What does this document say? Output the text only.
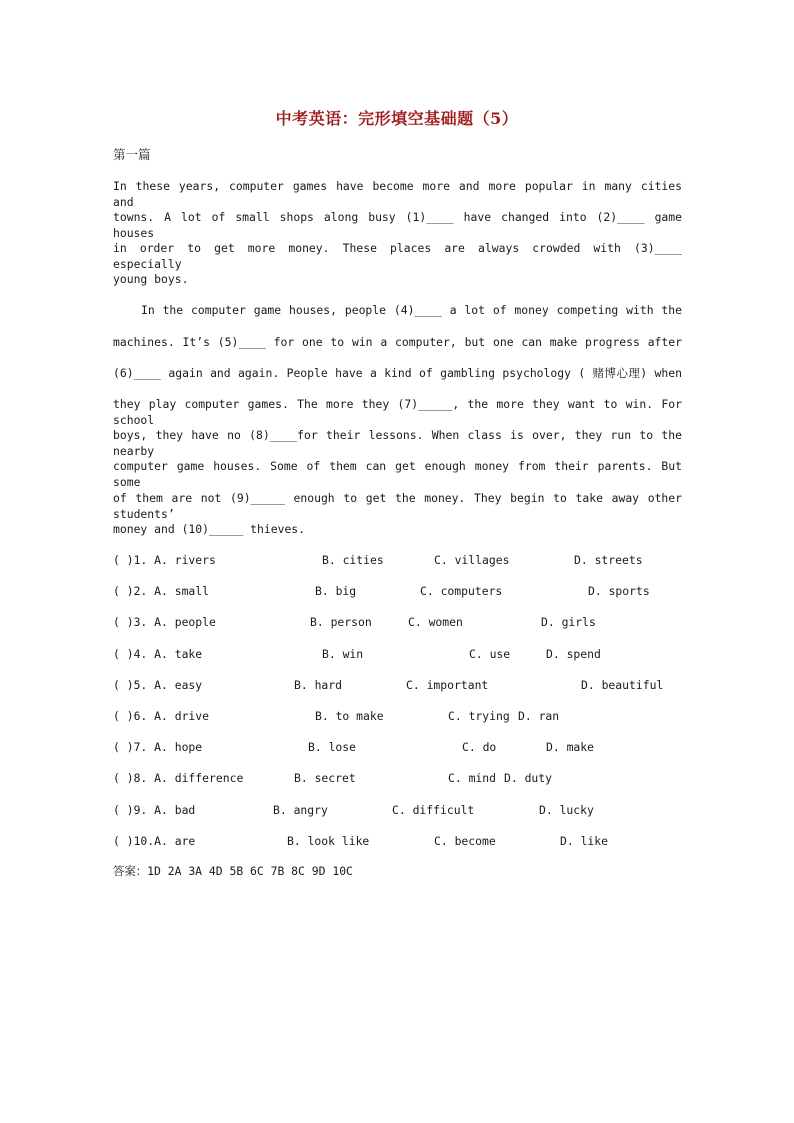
中考英语：完形填空基础题（5）
第一篇
In these years, computer games have become more and more popular in many cities and
towns. A lot of small shops along busy (1)____ have changed into (2)____ game houses
in order to get more money. These places are always crowded with (3)____ especially
young boys.
In the computer game houses, people (4)____ a lot of money competing with the
machines. It’s (5)____ for one to win a computer, but one can make progress after
(6)____ again and again. People have a kind of gambling psychology ( 赌博心理) when
they play computer games. The more they (7)_____, the more they want to win. For school
boys, they have no (8)____for their lessons. When class is over, they run to the nearby
computer game houses. Some of them can get enough money from their parents. But some
of them are not (9)_____ enough to get the money. They begin to take away other students’
money and (10)_____ thieves.
( )1. A. rivers	B. cities	C. villages	D. streets
( )2. A. small	B. big	C. computers	D. sports
( )3. A. people	B. person	C. women	D. girls
( )4. A. take	B. win	C. use	D. spend
( )5. A. easy	B. hard	C. important	D. beautiful
( )6. A. drive	B. to make	C. trying D. ran
( )7. A. hope	B. lose	C. do	D. make
( )8. A. difference	B. secret	C. mind D. duty
( )9. A. bad	B. angry	C. difficult	D. lucky
( )10.A. are	B. look like	C. become	D. like
答案：1D 2A 3A 4D 5B 6C 7B 8C 9D 10C
